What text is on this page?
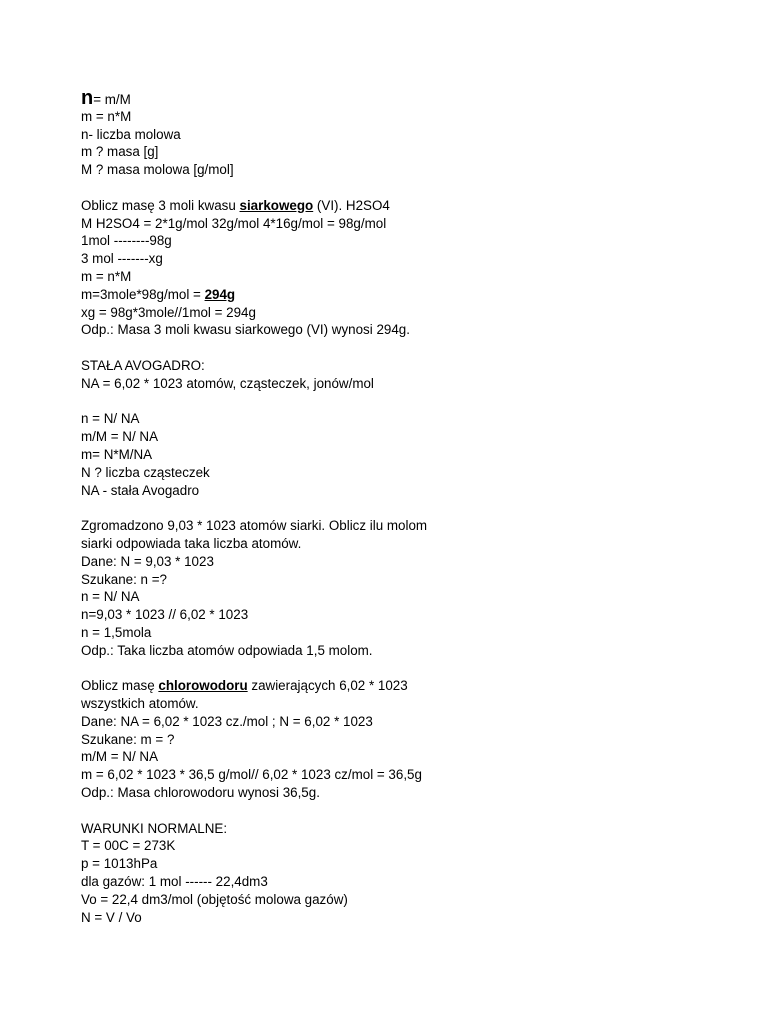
n= m/M
m = n*M
n- liczba molowa
m ? masa [g]
M ? masa molowa [g/mol]
Oblicz masę 3 moli kwasu siarkowego (VI). H2SO4
M H2SO4 = 2*1g/mol 32g/mol 4*16g/mol = 98g/mol
1mol --------98g
3 mol -------xg
m = n*M
m=3mole*98g/mol = 294g
xg = 98g*3mole//1mol = 294g
Odp.: Masa 3 moli kwasu siarkowego (VI) wynosi 294g.
STAŁA AVOGADRO:
NA = 6,02 * 1023 atomów, cząsteczek, jonów/mol
n = N/ NA
m/M = N/ NA
m= N*M/NA
N ? liczba cząsteczek
NA - stała Avogadro
Zgromadzono 9,03 * 1023 atomów siarki. Oblicz ilu molom
siarki odpowiada taka liczba atomów.
Dane: N = 9,03 * 1023
Szukane: n =?
n = N/ NA
n=9,03 * 1023 // 6,02 * 1023
n = 1,5mola
Odp.: Taka liczba atomów odpowiada 1,5 molom.
Oblicz masę chlorowodoru zawierających 6,02 * 1023
wszystkich atomów.
Dane: NA = 6,02 * 1023 cz./mol ; N = 6,02 * 1023
Szukane: m = ?
m/M = N/ NA
m = 6,02 * 1023 * 36,5 g/mol// 6,02 * 1023 cz/mol = 36,5g
Odp.: Masa chlorowodoru wynosi 36,5g.
WARUNKI NORMALNE:
T = 00C = 273K
p = 1013hPa
dla gazów: 1 mol ------ 22,4dm3
Vo = 22,4 dm3/mol (objętość molowa gazów)
N = V / Vo
